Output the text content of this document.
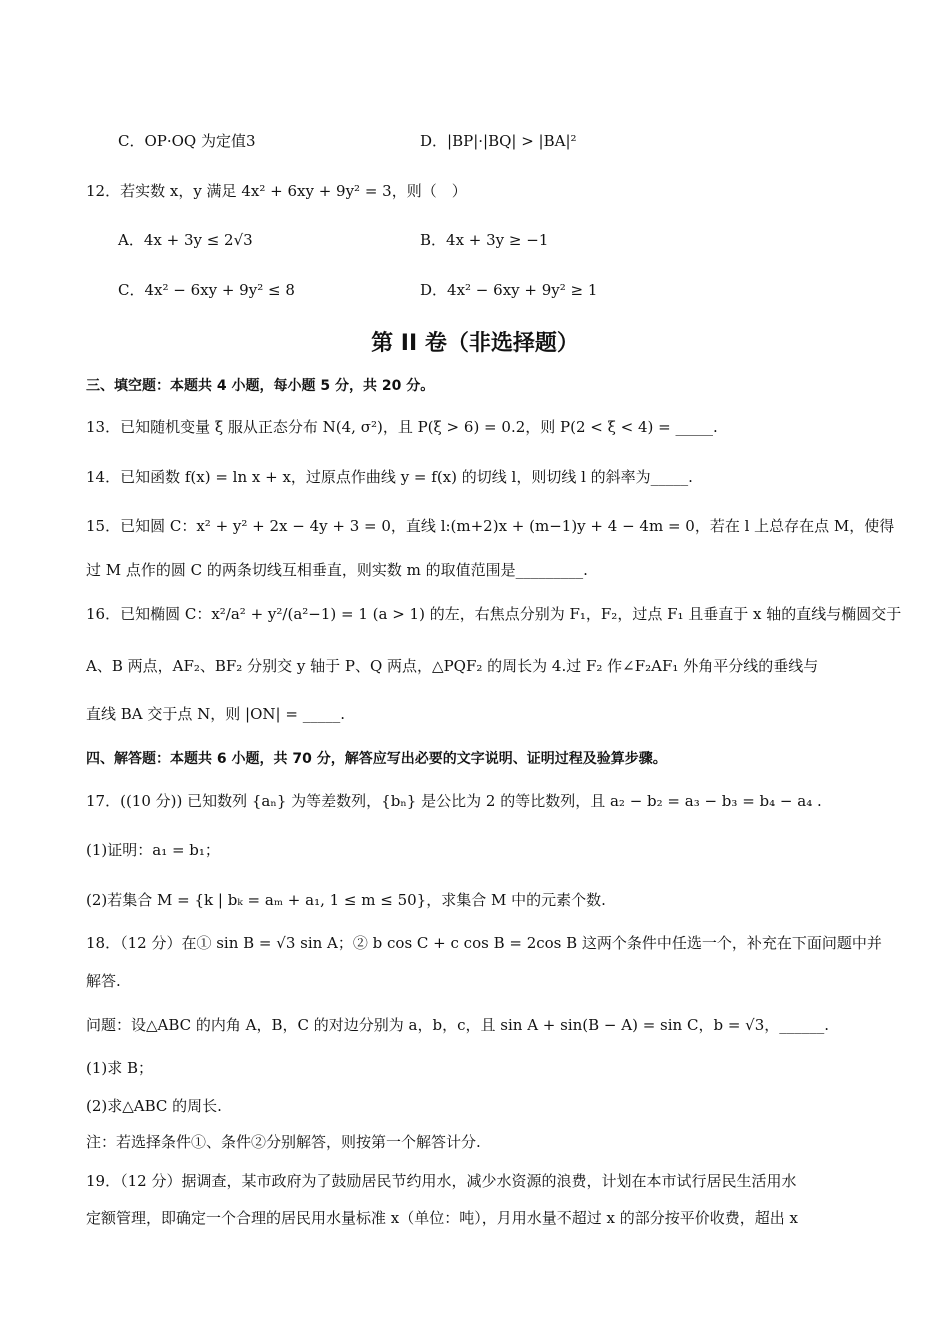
C．OP·OQ 为定值3	D．|BP|·|BQ| > |BA|²
12．若实数 x，y 满足 4x² + 6xy + 9y² = 3，则（　）
A．4x + 3y ≤ 2√3	B．4x + 3y ≥ −1
C．4x² − 6xy + 9y² ≤ 8	D．4x² − 6xy + 9y² ≥ 1
第 II 卷（非选择题）
三、填空题：本题共 4 小题，每小题 5 分，共 20 分。
13．已知随机变量 ξ 服从正态分布 N(4, σ²)，且 P(ξ > 6) = 0.2，则 P(2 < ξ < 4) = _____.
14．已知函数 f(x) = ln x + x，过原点作曲线 y = f(x) 的切线 l，则切线 l 的斜率为_____.
15．已知圆 C：x² + y² + 2x − 4y + 3 = 0，直线 l:(m+2)x + (m−1)y + 4 − 4m = 0，若在 l 上总存在点 M，使得
过 M 点作的圆 C 的两条切线互相垂直，则实数 m 的取值范围是_________.
16．已知椭圆 C：x²/a² + y²/(a²−1) = 1 (a > 1) 的左，右焦点分别为 F₁，F₂，过点 F₁ 且垂直于 x 轴的直线与椭圆交于
A、B 两点，AF₂、BF₂ 分别交 y 轴于 P、Q 两点，△PQF₂ 的周长为 4.过 F₂ 作∠F₂AF₁ 外角平分线的垂线与
直线 BA 交于点 N，则 |ON| = _____.
四、解答题：本题共 6 小题，共 70 分，解答应写出必要的文字说明、证明过程及验算步骤。
17．((10 分)) 已知数列 {aₙ} 为等差数列，{bₙ} 是公比为 2 的等比数列，且 a₂ − b₂ = a₃ − b₃ = b₄ − a₄ .
(1)证明：a₁ = b₁；
(2)若集合 M = {k | bₖ = aₘ + a₁, 1 ≤ m ≤ 50}，求集合 M 中的元素个数.
18．（12 分）在① sin B = √3 sin A；② b cos C + c cos B = 2cos B 这两个条件中任选一个，补充在下面问题中并
解答.
问题：设△ABC 的内角 A，B，C 的对边分别为 a，b，c，且 sin A + sin(B − A) = sin C，b = √3，______.
(1)求 B；
(2)求△ABC 的周长.
注：若选择条件①、条件②分别解答，则按第一个解答计分.
19．（12 分）据调查，某市政府为了鼓励居民节约用水，减少水资源的浪费，计划在本市试行居民生活用水
定额管理，即确定一个合理的居民用水量标准 x（单位：吨），月用水量不超过 x 的部分按平价收费，超出 x
